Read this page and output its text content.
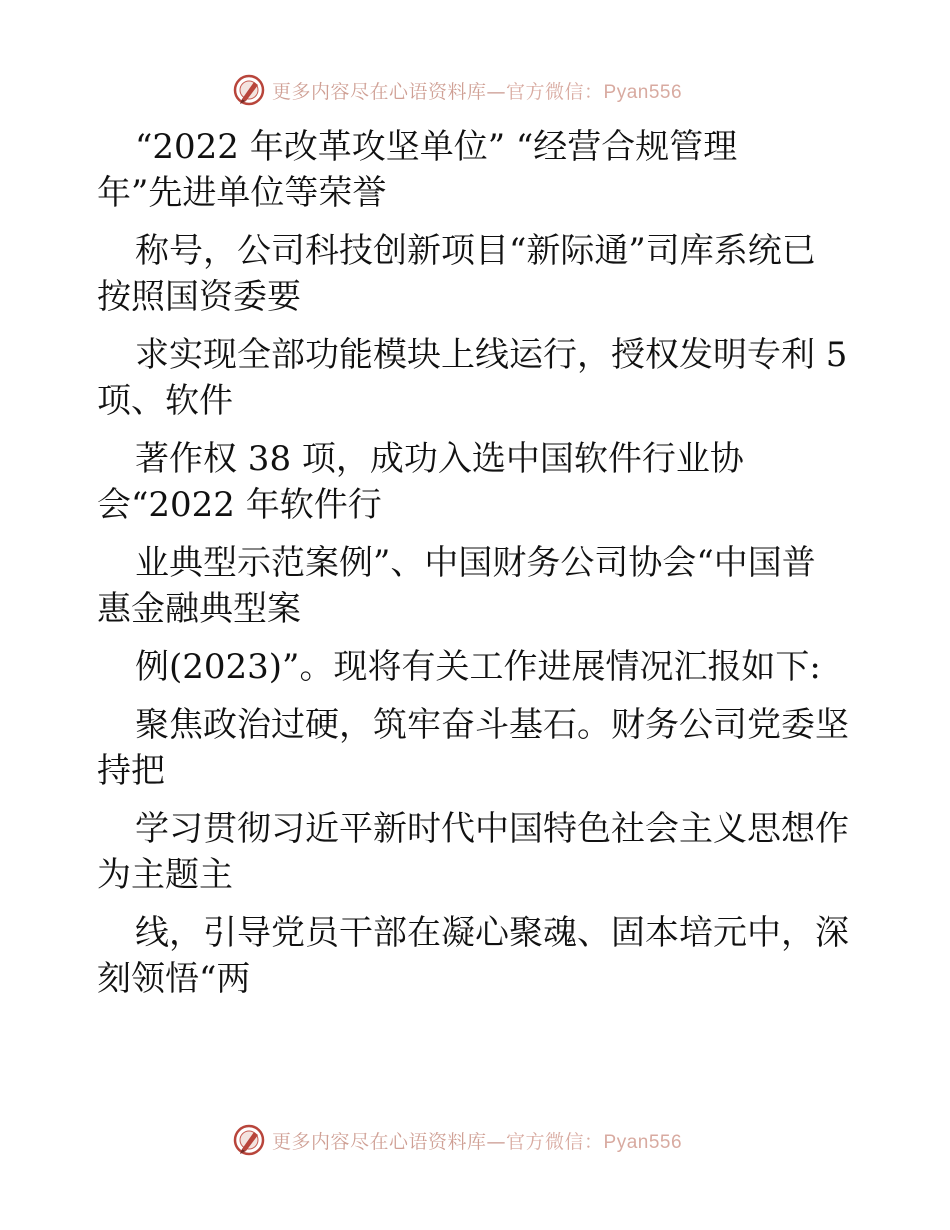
更多内容尽在心语资料库—官方微信：Pyan556
“2022 年改革攻坚单位” “经营合规管理
年”先进单位等荣誉
称号，公司科技创新项目“新际通”司库系统已
按照国资委要
求实现全部功能模块上线运行，授权发明专利 5
项、软件
著作权 38 项，成功入选中国软件行业协
会“2022 年软件行
业典型示范案例”、中国财务公司协会“中国普
惠金融典型案
例(2023)”。现将有关工作进展情况汇报如下:
聚焦政治过硬，筑牢奋斗基石。财务公司党委坚
持把
学习贯彻习近平新时代中国特色社会主义思想作
为主题主
线，引导党员干部在凝心聚魂、固本培元中，深
刻领悟“两
更多内容尽在心语资料库—官方微信：Pyan556
